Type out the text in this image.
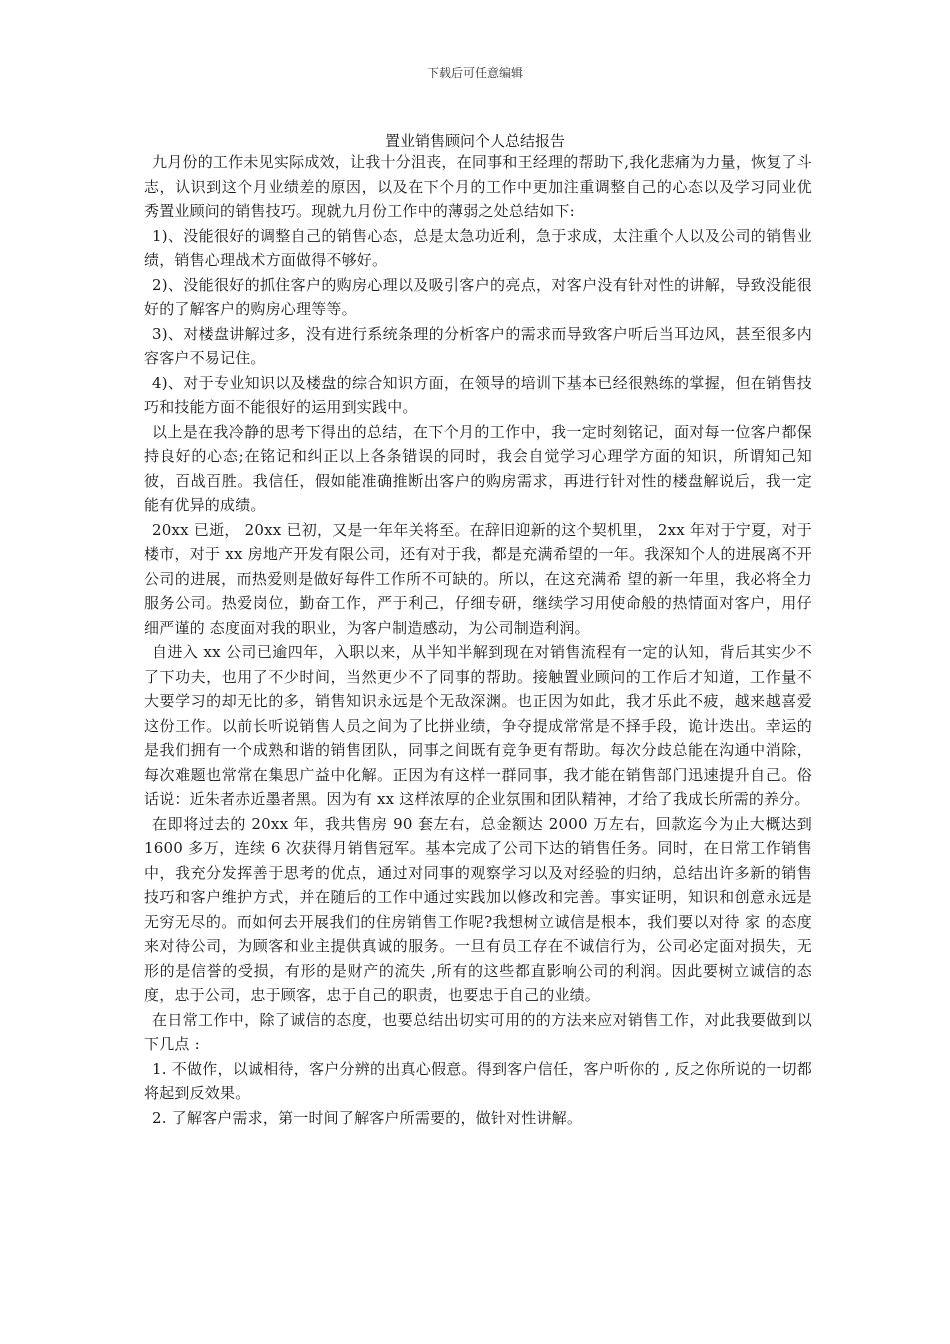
下载后可任意编辑
置业销售顾问个人总结报告

九月份的工作未见实际成效，让我十分沮丧，在同事和王经理的帮助下,我化悲痛为力量，恢复了斗志，认识到这个月业绩差的原因，以及在下个月的工作中更加注重调整自己的心态以及学习同业优秀置业顾问的销售技巧。现就九月份工作中的薄弱之处总结如下:

1)、没能很好的调整自己的销售心态，总是太急功近利，急于求成，太注重个人以及公司的销售业绩，销售心理战术方面做得不够好。

2)、没能很好的抓住客户的购房心理以及吸引客户的亮点，对客户没有针对性的讲解，导致没能很好的了解客户的购房心理等等。

3)、对楼盘讲解过多，没有进行系统条理的分析客户的需求而导致客户听后当耳边风，甚至很多内容客户不易记住。

4)、对于专业知识以及楼盘的综合知识方面，在领导的培训下基本已经很熟练的掌握，但在销售技巧和技能方面不能很好的运用到实践中。

以上是在我冷静的思考下得出的总结，在下个月的工作中，我一定时刻铭记，面对每一位客户都保持良好的心态;在铭记和纠正以上各条错误的同时，我会自觉学习心理学方面的知识，所谓知己知彼，百战百胜。我信任，假如能准确推断出客户的购房需求，再进行针对性的楼盘解说后，我一定能有优异的成绩。

20xx 已逝， 20xx 已初，又是一年年关将至。在辞旧迎新的这个契机里， 2xx 年对于宁夏，对于楼市，对于 xx 房地产开发有限公司，还有对于我，都是充满希望的一年。我深知个人的进展离不开公司的进展，而热爱则是做好每件工作所不可缺的。所以，在这充满希 望的新一年里，我必将全力服务公司。热爱岗位，勤奋工作，严于利己，仔细专研，继续学习用使命般的热情面对客户，用仔细严谨的 态度面对我的职业，为客户制造感动，为公司制造利润。

自进入 xx 公司已逾四年，入职以来，从半知半解到现在对销售流程有一定的认知，背后其实少不了下功夫，也用了不少时间，当然更少不了同事的帮助。接触置业顾问的工作后才知道，工作量不大要学习的却无比的多，销售知识永远是个无敌深渊。也正因为如此，我才乐此不疲，越来越喜爱这份工作。以前长听说销售人员之间为了比拼业绩，争夺提成常常是不择手段，诡计迭出。幸运的是我们拥有一个成熟和谐的销售团队，同事之间既有竞争更有帮助。每次分歧总能在沟通中消除，每次难题也常常在集思广益中化解。正因为有这样一群同事，我才能在销售部门迅速提升自己。俗话说：近朱者赤近墨者黑。因为有 xx 这样浓厚的企业氛围和团队精神，才给了我成长所需的养分。

在即将过去的 20xx 年，我共售房 90 套左右，总金额达 2000 万左右，回款迄今为止大概达到 1600 多万，连续 6 次获得月销售冠军。基本完成了公司下达的销售任务。同时，在日常工作销售中，我充分发挥善于思考的优点，通过对同事的观察学习以及对经验的归纳，总结出许多新的销售技巧和客户维护方式，并在随后的工作中通过实践加以修改和完善。事实证明，知识和创意永远是无穷无尽的。而如何去开展我们的住房销售工作呢?我想树立诚信是根本，我们要以对待 家 的态度来对待公司，为顾客和业主提供真诚的服务。一旦有员工存在不诚信行为，公司必定面对损失，无形的是信誉的受损，有形的是财产的流失 ,所有的这些都直影响公司的利润。因此要树立诚信的态度，忠于公司，忠于顾客，忠于自己的职责，也要忠于自己的业绩。

在日常工作中，除了诚信的态度，也要总结出切实可用的的方法来应对销售工作，对此我要做到以下几点 :

1. 不做作，以诚相待，客户分辨的出真心假意。得到客户信任，客户听你的 , 反之你所说的一切都将起到反效果。

2. 了解客户需求，第一时间了解客户所需要的，做针对性讲解。
